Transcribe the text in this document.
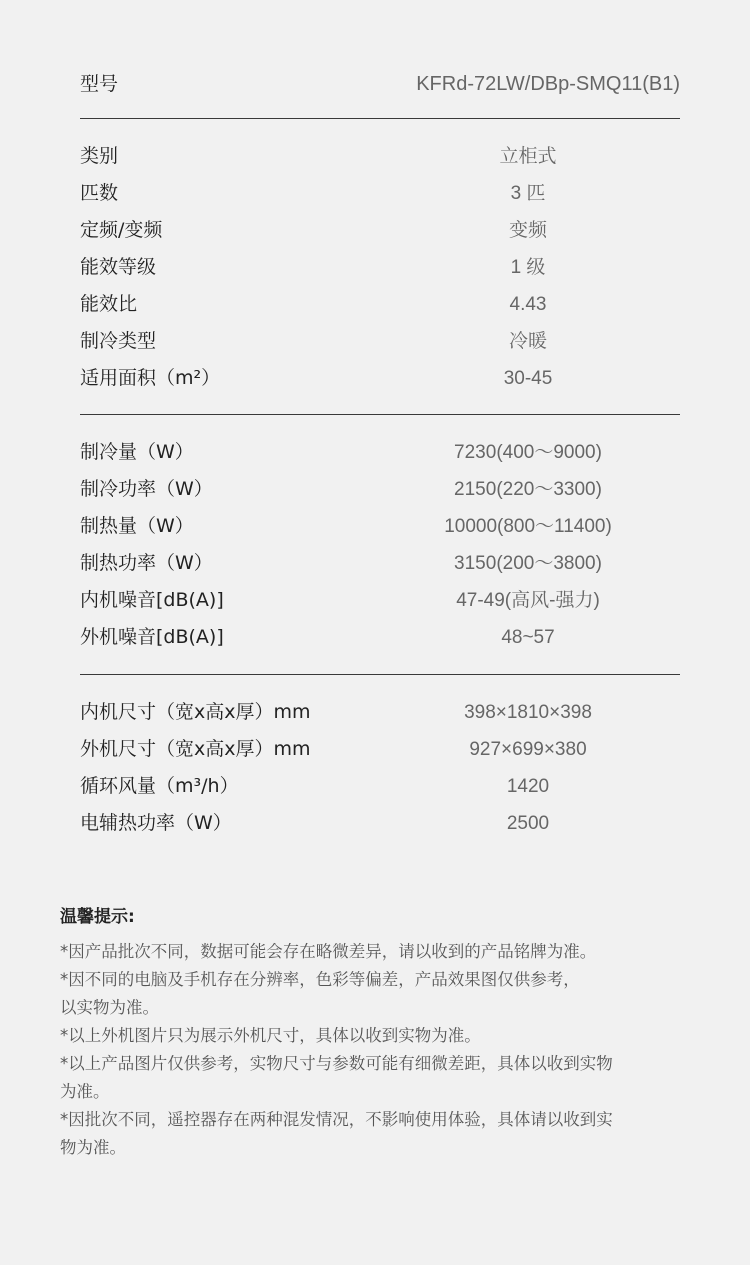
型号	KFRd-72LW/DBp-SMQ11(B1)
类别	立柜式
匹数	3 匹
定频/变频	变频
能效等级	1 级
能效比	4.43
制冷类型	冷暖
适用面积（m²）	30-45
制冷量（W）	7230(400～9000)
制冷功率（W）	2150(220～3300)
制热量（W）	10000(800～11400)
制热功率（W）	3150(200～3800)
内机噪音[dB(A)]	47-49(高风-强力)
外机噪音[dB(A)]	48~57
内机尺寸（宽x高x厚）mm	398×1810×398
外机尺寸（宽x高x厚）mm	927×699×380
循环风量（m³/h）	1420
电辅热功率（W）	2500
温馨提示:
*因产品批次不同，数据可能会存在略微差异，请以收到的产品铭牌为准。
*因不同的电脑及手机存在分辨率，色彩等偏差，产品效果图仅供参考，
以实物为准。
*以上外机图片只为展示外机尺寸，具体以收到实物为准。
*以上产品图片仅供参考，实物尺寸与参数可能有细微差距，具体以收到实物
为准。
*因批次不同，遥控器存在两种混发情况，不影响使用体验，具体请以收到实
物为准。
